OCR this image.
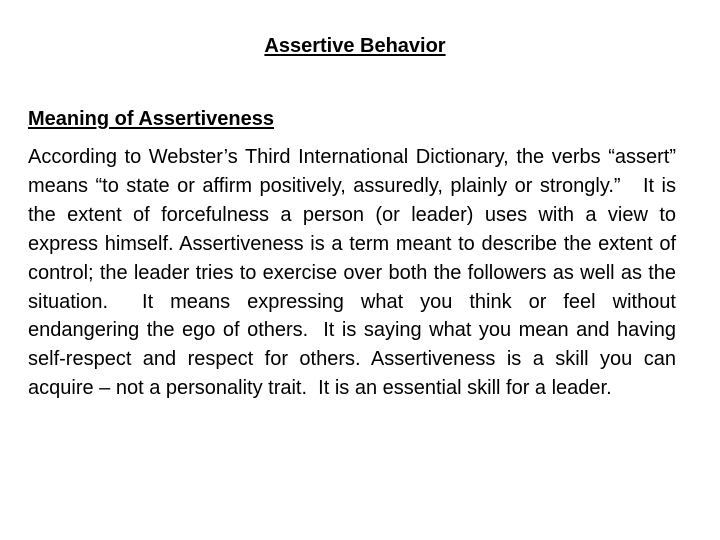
Assertive Behavior
Meaning of Assertiveness

According to Webster’s Third International Dictionary, the verbs “assert” means “to state or affirm positively, assuredly, plainly or strongly.”   It is the extent of forcefulness a person (or leader) uses with a view to express himself. Assertiveness is a term meant to describe the extent of control; the leader tries to exercise over both the followers as well as the situation.  It means expressing what you think or feel without endangering the ego of others.  It is saying what you mean and having self-respect and respect for others. Assertiveness is a skill you can acquire – not a personality trait.  It is an essential skill for a leader.
